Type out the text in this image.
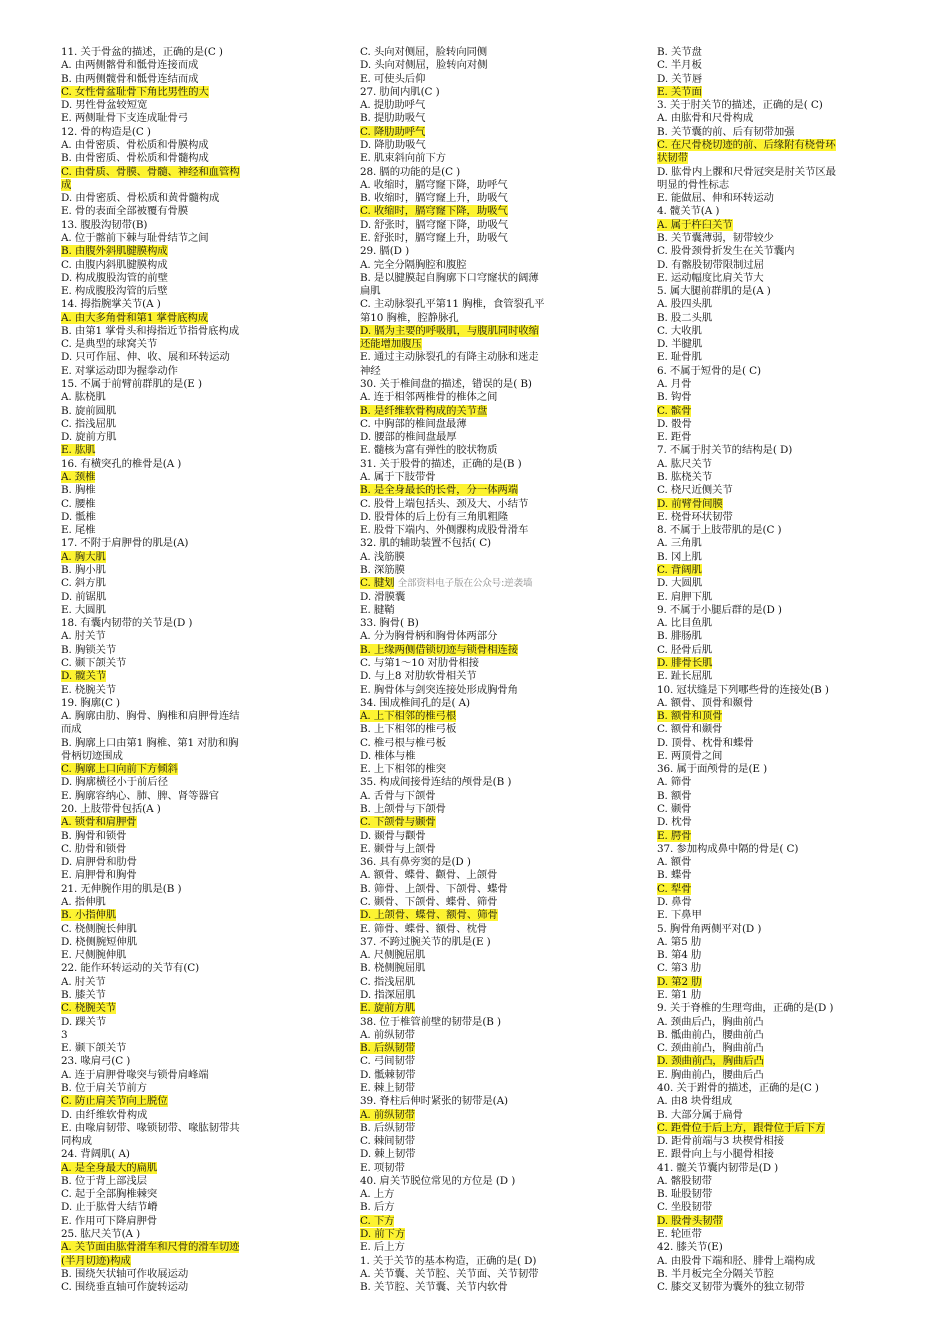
11. 关于骨盆的描述，正确的是(C )
A. 由两侧髂骨和骶骨连接而成
B. 由两侧髋骨和骶骨连结而成
C. 女性骨盆耻骨下角比男性的大
D. 男性骨盆较短宽
E. 两侧耻骨下支连成耻骨弓
12. 骨的构造是(C )
A. 由骨密质、骨松质和骨膜构成
B. 由骨密质、骨松质和骨髓构成
C. 由骨质、骨膜、骨髓、神经和血管构
成
D. 由骨密质、骨松质和黄骨髓构成
E. 骨的表面全部被覆有骨膜
13. 腹股沟韧带(B)
A. 位于髂前下棘与耻骨结节之间
B. 由腹外斜肌腱膜构成
C. 由腹内斜肌腱膜构成
D. 构成腹股沟管的前壁
E. 构成腹股沟管的后壁
14. 拇指腕掌关节(A )
A. 由大多角骨和第1 掌骨底构成
B. 由第1 掌骨头和拇指近节指骨底构成
C. 是典型的球窝关节
D. 只可作屈、伸、收、展和环转运动
E. 对掌运动即为握拳动作
15. 不属于前臂前群肌的是(E )
A. 肱桡肌
B. 旋前圆肌
C. 指浅屈肌
D. 旋前方肌
E. 肱肌
16. 有横突孔的椎骨是(A )
A. 颈椎
B. 胸椎
C. 腰椎
D. 骶椎
E. 尾椎
17. 不附于肩胛骨的肌是(A)
A. 胸大肌
B. 胸小肌
C. 斜方肌
D. 前锯肌
E. 大圆肌
18. 有囊内韧带的关节是(D )
A. 肘关节
B. 胸锁关节
C. 颞下颌关节
D. 髋关节
E. 桡腕关节
19. 胸廓(C )
A. 胸廓由肋、胸骨、胸椎和肩胛骨连结
而成
B. 胸廓上口由第1 胸椎、第1 对肋和胸
骨柄切迹围成
C. 胸廓上口向前下方倾斜
D. 胸廓横径小于前后径
E. 胸廓容纳心、肺、脾、肾等器官
20. 上肢带骨包括(A )
A. 锁骨和肩胛骨
B. 胸骨和锁骨
C. 肋骨和锁骨
D. 肩胛骨和肋骨
E. 肩胛骨和胸骨
21. 无伸腕作用的肌是(B )
A. 指伸肌
B. 小指伸肌
C. 桡侧腕长伸肌
D. 桡侧腕短伸肌
E. 尺侧腕伸肌
22. 能作环转运动的关节有(C)
A. 肘关节
B. 膝关节
C. 桡腕关节
D. 踝关节
3
E. 颞下颌关节
23. 喙肩弓(C )
A. 连于肩胛骨喙突与锁骨肩峰端
B. 位于肩关节前方
C. 防止肩关节向上脱位
D. 由纤维软骨构成
E. 由喙肩韧带、喙锁韧带、喙肱韧带共
同构成
24. 背阔肌( A)
A. 是全身最大的扁肌
B. 位于背上部浅层
C. 起于全部胸椎棘突
D. 止于肱骨大结节嵴
E. 作用可下降肩胛骨
25. 肱尺关节(A )
A. 关节面由肱骨滑车和尺骨的滑车切迹
(半月切迹)构成
B. 围绕矢状轴可作收展运动
C. 围绕垂直轴可作旋转运动
C. 头向对侧屈，脸转向同侧
D. 头向对侧屈，脸转向对侧
E. 可使头后仰
27. 肋间内肌(C )
A. 提肋助呼气
B. 提肋助吸气
C. 降肋助呼气
D. 降肋助吸气
E. 肌束斜向前下方
28. 膈的功能的是(C )
A. 收缩时，膈穹窿下降，助呼气
B. 收缩时，膈穹窿上升，助吸气
C. 收缩时，膈穹窿下降，助吸气
D. 舒张时，膈穹窿下降，助吸气
E. 舒张时，膈穹窿上升，助吸气
29. 膈(D )
A. 完全分隔胸腔和腹腔
B. 是以腱膜起自胸廓下口穹窿状的阔薄
扁肌
C. 主动脉裂孔平第11 胸椎，食管裂孔平
第10 胸椎，腔静脉孔
D. 膈为主要的呼吸肌，与腹肌同时收缩
还能增加腹压
E. 通过主动脉裂孔的有降主动脉和迷走
神经
30. 关于椎间盘的描述，错误的是( B)
A. 连于相邻两椎骨的椎体之间
B. 是纤维软骨构成的关节盘
C. 中胸部的椎间盘最薄
D. 腰部的椎间盘最厚
E. 髓核为富有弹性的胶状物质
31. 关于股骨的描述，正确的是(B )
A. 属于下肢带骨
B. 是全身最长的长骨，分一体两端
C. 股骨上端包括头、颈及大、小结节
D. 股骨体的后上份有三角肌粗隆
E. 股骨下端内、外侧髁构成股骨滑车
32. 肌的辅助装置不包括( C)
A. 浅筋膜
B. 深筋膜
C. 腱划 全部资料电子版在公众号:逆袭墙
D. 滑膜囊
E. 腱鞘
33. 胸骨( B)
A. 分为胸骨柄和胸骨体两部分
B. 上缘两侧借锁切迹与锁骨相连接
C. 与第1～10 对肋骨相接
D. 与上8 对肋软骨相关节
E. 胸骨体与剑突连接处形成胸骨角
34. 围成椎间孔的是( A)
A. 上下相邻的椎弓根
B. 上下相邻的椎弓板
C. 椎弓根与椎弓板
D. 椎体与椎
E. 上下相邻的椎突
35. 构成间接骨连结的颅骨是(B )
A. 舌骨与下颌骨
B. 上颌骨与下颌骨
C. 下颌骨与颞骨
D. 颞骨与颧骨
E. 颞骨与上颌骨
36. 具有鼻旁窦的是(D )
A. 额骨、蝶骨、颧骨、上颌骨
B. 筛骨、上颌骨、下颌骨、蝶骨
C. 颞骨、下颌骨、蝶骨、筛骨
D. 上颌骨、蝶骨、额骨、筛骨
E. 筛骨、蝶骨、额骨、枕骨
37. 不跨过腕关节的肌是(E )
A. 尺侧腕屈肌
B. 桡侧腕屈肌
C. 指浅屈肌
D. 指深屈肌
E. 旋前方肌
38. 位于椎管前壁的韧带是(B )
A. 前纵韧带
B. 后纵韧带
C. 弓间韧带
D. 骶棘韧带
E. 棘上韧带
39. 脊柱后伸时紧张的韧带是(A)
A. 前纵韧带
B. 后纵韧带
C. 棘间韧带
D. 棘上韧带
E. 项韧带
40. 肩关节脱位常见的方位是 (D )
A. 上方
B. 后方
C. 下方
D. 前下方
E. 后上方
1. 关于关节的基本构造，正确的是( D)
A. 关节囊、关节腔、关节面、关节韧带
B. 关节腔、关节囊、关节内软骨
B. 关节盘
C. 半月板
D. 关节唇
E. 关节面
3. 关于肘关节的描述，正确的是( C)
A. 由肱骨和尺骨构成
B. 关节囊的前、后有韧带加强
C. 在尺骨桡切迹的前、后缘附有桡骨环
状韧带
D. 肱骨内上髁和尺骨冠突是肘关节区最
明显的骨性标志
E. 能做屈、伸和环转运动
4. 髋关节(A )
A. 属于杵臼关节
B. 关节囊薄弱，韧带较少
C. 股骨颈骨折发生在关节囊内
D. 有髂股韧带限制过屈
E. 运动幅度比肩关节大
5. 属大腿前群肌的是(A )
A. 股四头肌
B. 股二头肌
C. 大收肌
D. 半腱肌
E. 耻骨肌
6. 不属于短骨的是( C)
A. 月骨
B. 钩骨
C. 髌骨
D. 骰骨
E. 距骨
7. 不属于肘关节的结构是( D)
A. 肱尺关节
B. 肱桡关节
C. 桡尺近侧关节
D. 前臂骨间膜
E. 桡骨环状韧带
8. 不属于上肢带肌的是(C )
A. 三角肌
B. 冈上肌
C. 背阔肌
D. 大圆肌
E. 肩胛下肌
9. 不属于小腿后群的是(D )
A. 比目鱼肌
B. 腓肠肌
C. 胫骨后肌
D. 腓骨长肌
E. 趾长屈肌
10. 冠状缝是下列哪些骨的连接处(B )
A. 额骨、顶骨和颞骨
B. 额骨和顶骨
C. 额骨和颞骨
D. 顶骨、枕骨和蝶骨
E. 两顶骨之间
36. 属于面颅骨的是(E )
A. 筛骨
B. 额骨
C. 颞骨
D. 枕骨
E. 腭骨
37. 参加构成鼻中隔的骨是( C)
A. 额骨
B. 蝶骨
C. 犁骨
D. 鼻骨
E. 下鼻甲
5. 胸骨角两侧平对(D )
A. 第5 肋
B. 第4 肋
C. 第3 肋
D. 第2 肋
E. 第1 肋
9. 关于脊椎的生理弯曲，正确的是(D )
A. 颈曲后凸，胸曲前凸
B. 骶曲前凸，腰曲前凸
C. 颈曲前凸，胸曲前凸
D. 颈曲前凸，胸曲后凸
E. 胸曲前凸，腰曲后凸
40. 关于跗骨的描述，正确的是(C )
A. 由8 块骨组成
B. 大部分属于扁骨
C. 距骨位于后上方，跟骨位于后下方
D. 距骨前端与3 块楔骨相接
E. 跟骨向上与小腿骨相接
41. 髋关节囊内韧带是(D )
A. 髂股韧带
B. 耻股韧带
C. 坐股韧带
D. 股骨头韧带
E. 轮匝带
42. 膝关节(E)
A. 由股骨下端和胫、腓骨上端构成
B. 半月板完全分隔关节腔
C. 膝交叉韧带为囊外的独立韧带
